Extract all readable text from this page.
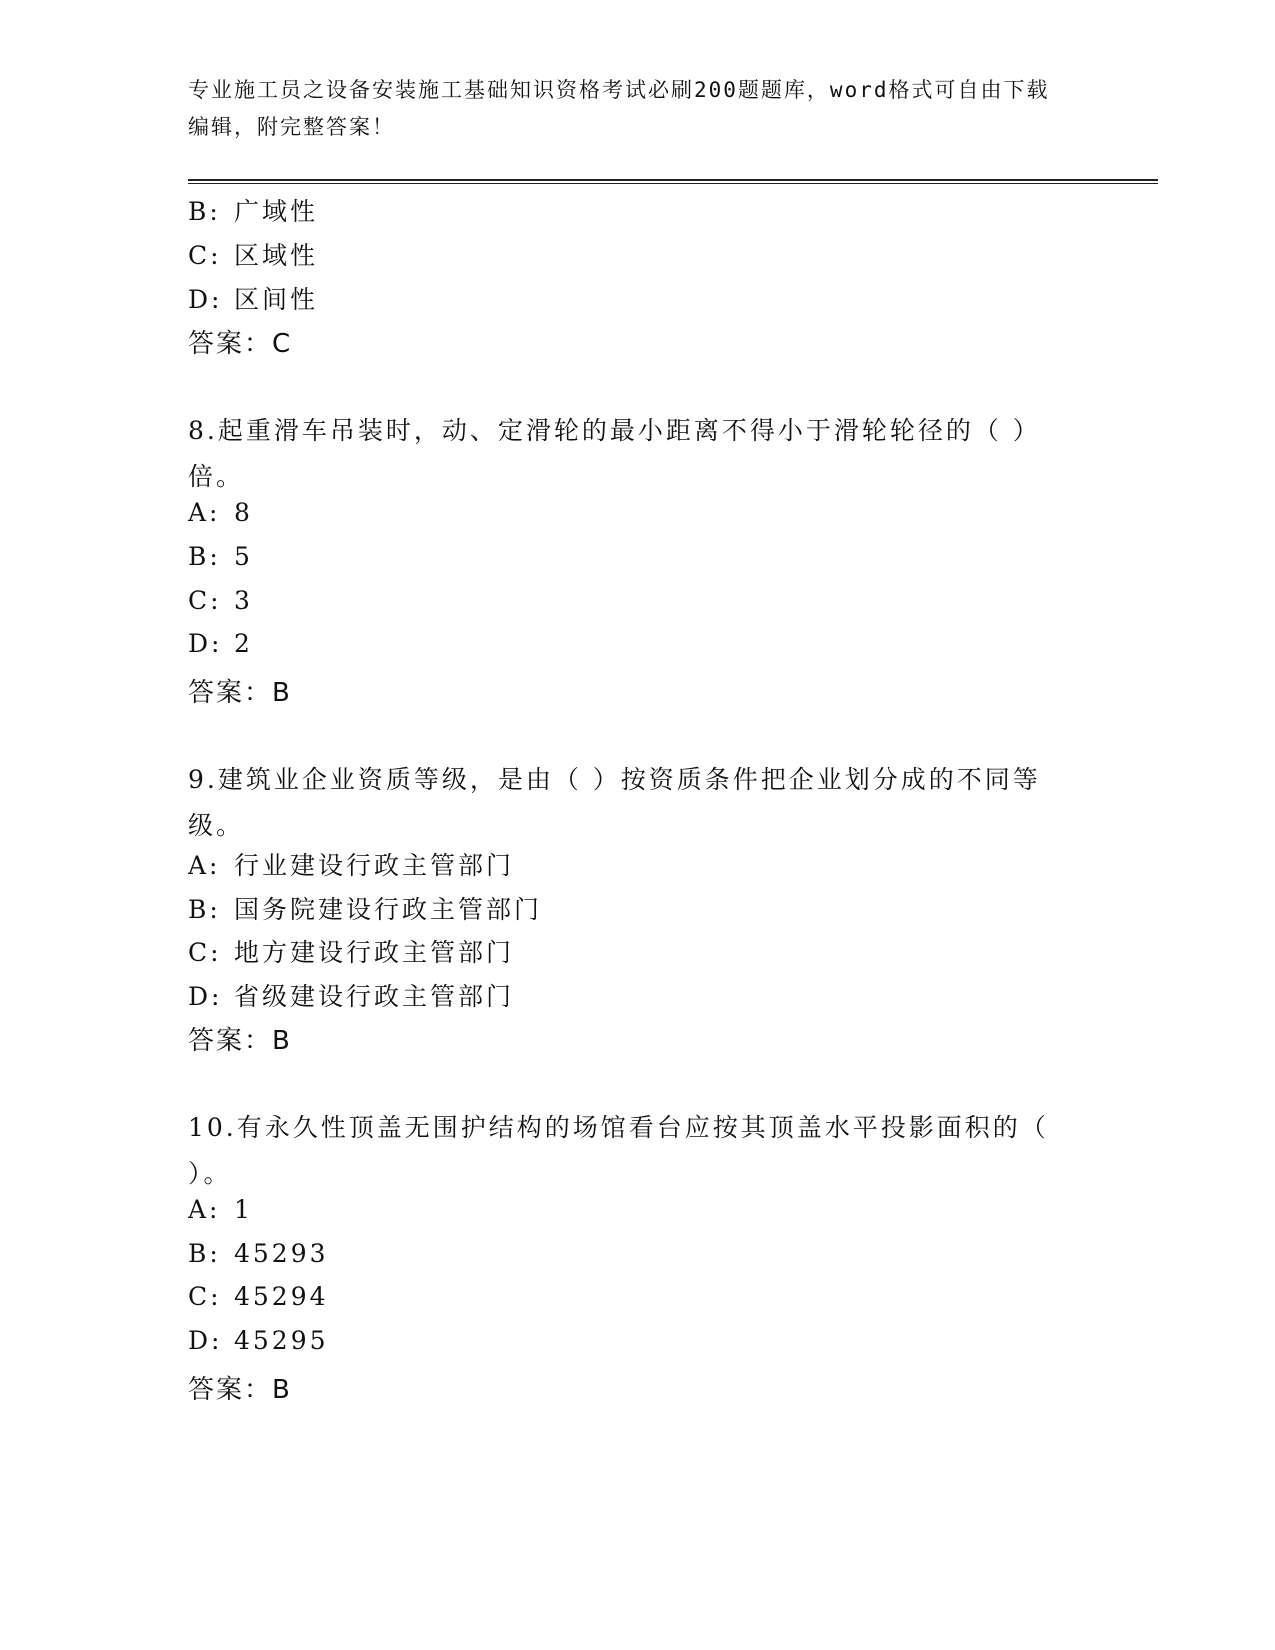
专业施工员之设备安装施工基础知识资格考试必刷200题题库，word格式可自由下载编辑，附完整答案！
B: 广域性
C: 区域性
D: 区间性
答案：C
8.起重滑车吊装时，动、定滑轮的最小距离不得小于滑轮轮径的（ ）倍。
A: 8
B: 5
C: 3
D: 2
答案：B
9.建筑业企业资质等级，是由（ ）按资质条件把企业划分成的不同等级。
A: 行业建设行政主管部门
B: 国务院建设行政主管部门
C: 地方建设行政主管部门
D: 省级建设行政主管部门
答案：B
10.有永久性顶盖无围护结构的场馆看台应按其顶盖水平投影面积的（ ）。
A: 1
B: 45293
C: 45294
D: 45295
答案：B
